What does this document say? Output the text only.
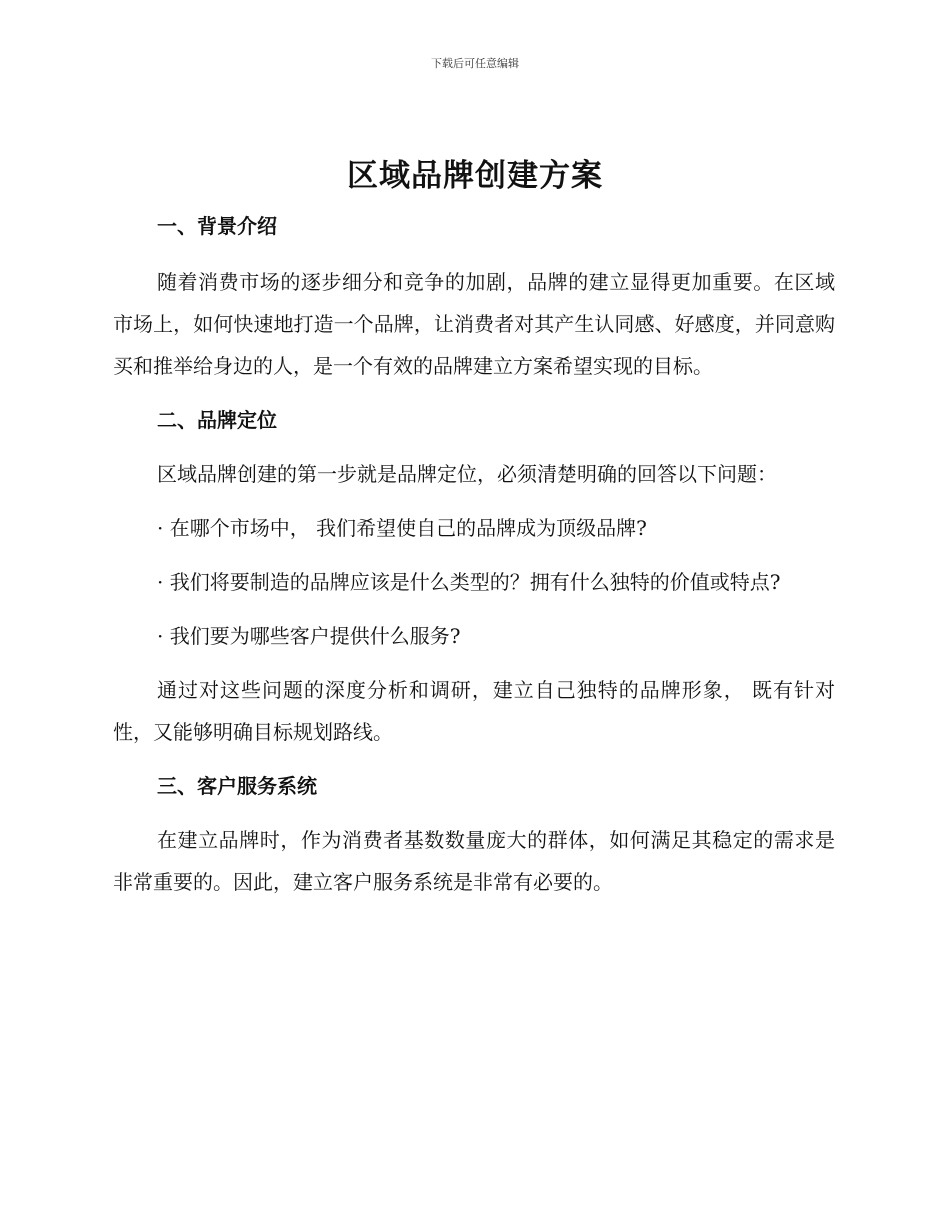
下载后可任意编辑
区域品牌创建方案

一、背景介绍

随着消费市场的逐步细分和竞争的加剧，品牌的建立显得更加重要。在区域市场上，如何快速地打造一个品牌，让消费者对其产生认同感、好感度，并同意购买和推举给身边的人，是一个有效的品牌建立方案希望实现的目标。

二、品牌定位

区域品牌创建的第一步就是品牌定位，必须清楚明确的回答以下问题：

· 在哪个市场中， 我们希望使自己的品牌成为顶级品牌?

· 我们将要制造的品牌应该是什么类型的？拥有什么独特的价值或特点?

· 我们要为哪些客户提供什么服务?

通过对这些问题的深度分析和调研，建立自己独特的品牌形象， 既有针对性，又能够明确目标规划路线。

三、客户服务系统

在建立品牌时，作为消费者基数数量庞大的群体，如何满足其稳定的需求是非常重要的。因此，建立客户服务系统是非常有必要的。
